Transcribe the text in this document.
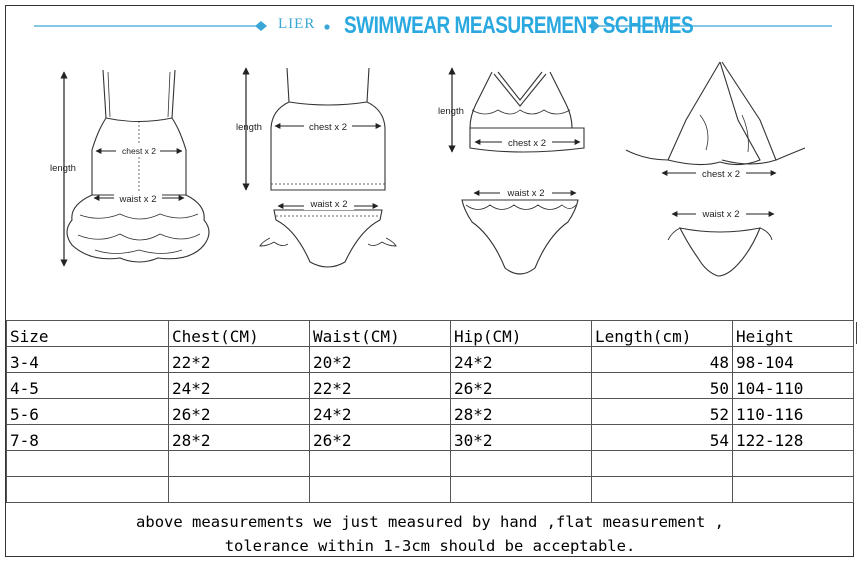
LIER SWIMWEAR MEASUREMENT SCHEMES
chest x 2
waist x 2
length
chest x 2
waist x 2
length
chest x 2
waist x 2
length
chest x 2
waist x 2
Size	Chest(CM)	Waist(CM)	Hip(CM)	Length(cm)	Height
3-4	22*2	20*2	24*2	48	98-104
4-5	24*2	22*2	26*2	50	104-110
5-6	26*2	24*2	28*2	52	110-116
7-8	28*2	26*2	30*2	54	122-128

above measurements we just measured by hand ,flat measurement ,
tolerance within 1-3cm should be acceptable.
